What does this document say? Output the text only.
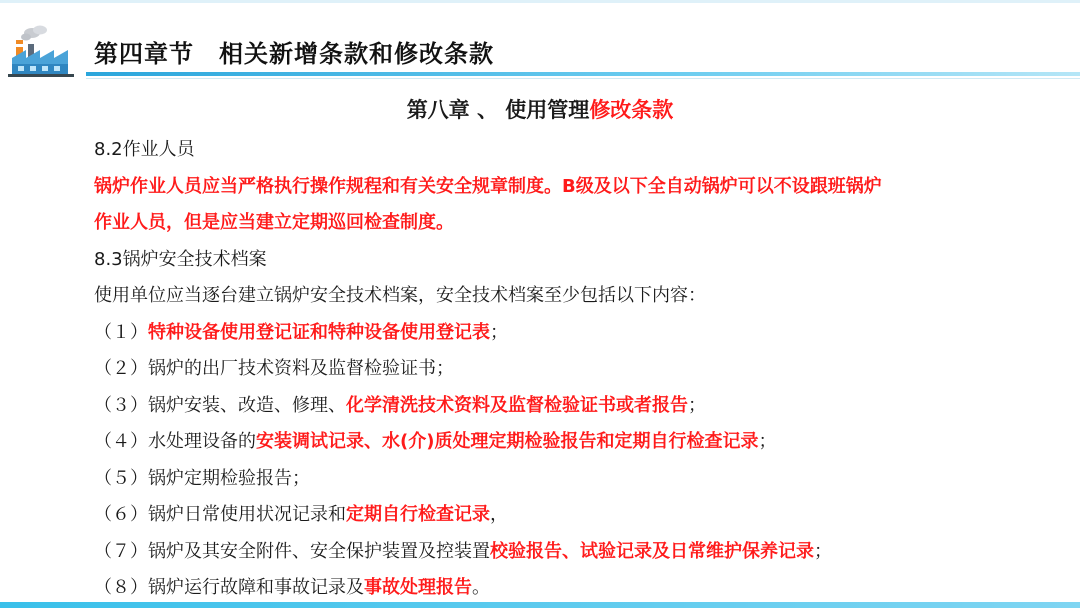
第四章节　相关新增条款和修改条款
第八章 、 使用管理修改条款
8.2作业人员
锅炉作业人员应当严格执行操作规程和有关安全规章制度。B级及以下全自动锅炉可以不设跟班锅炉
作业人员，但是应当建立定期巡回检查制度。
8.3锅炉安全技术档案
使用单位应当逐台建立锅炉安全技术档案，安全技术档案至少包括以下内容：
（１）特种设备使用登记证和特种设备使用登记表；
（２）锅炉的出厂技术资料及监督检验证书；
（３）锅炉安装、改造、修理、化学清洗技术资料及监督检验证书或者报告；
（４）水处理设备的安装调试记录、水(介)质处理定期检验报告和定期自行检查记录；
（５）锅炉定期检验报告；
（６）锅炉日常使用状况记录和定期自行检查记录，
（７）锅炉及其安全附件、安全保护装置及控装置校验报告、试验记录及日常维护保养记录；
（８）锅炉运行故障和事故记录及事故处理报告。
